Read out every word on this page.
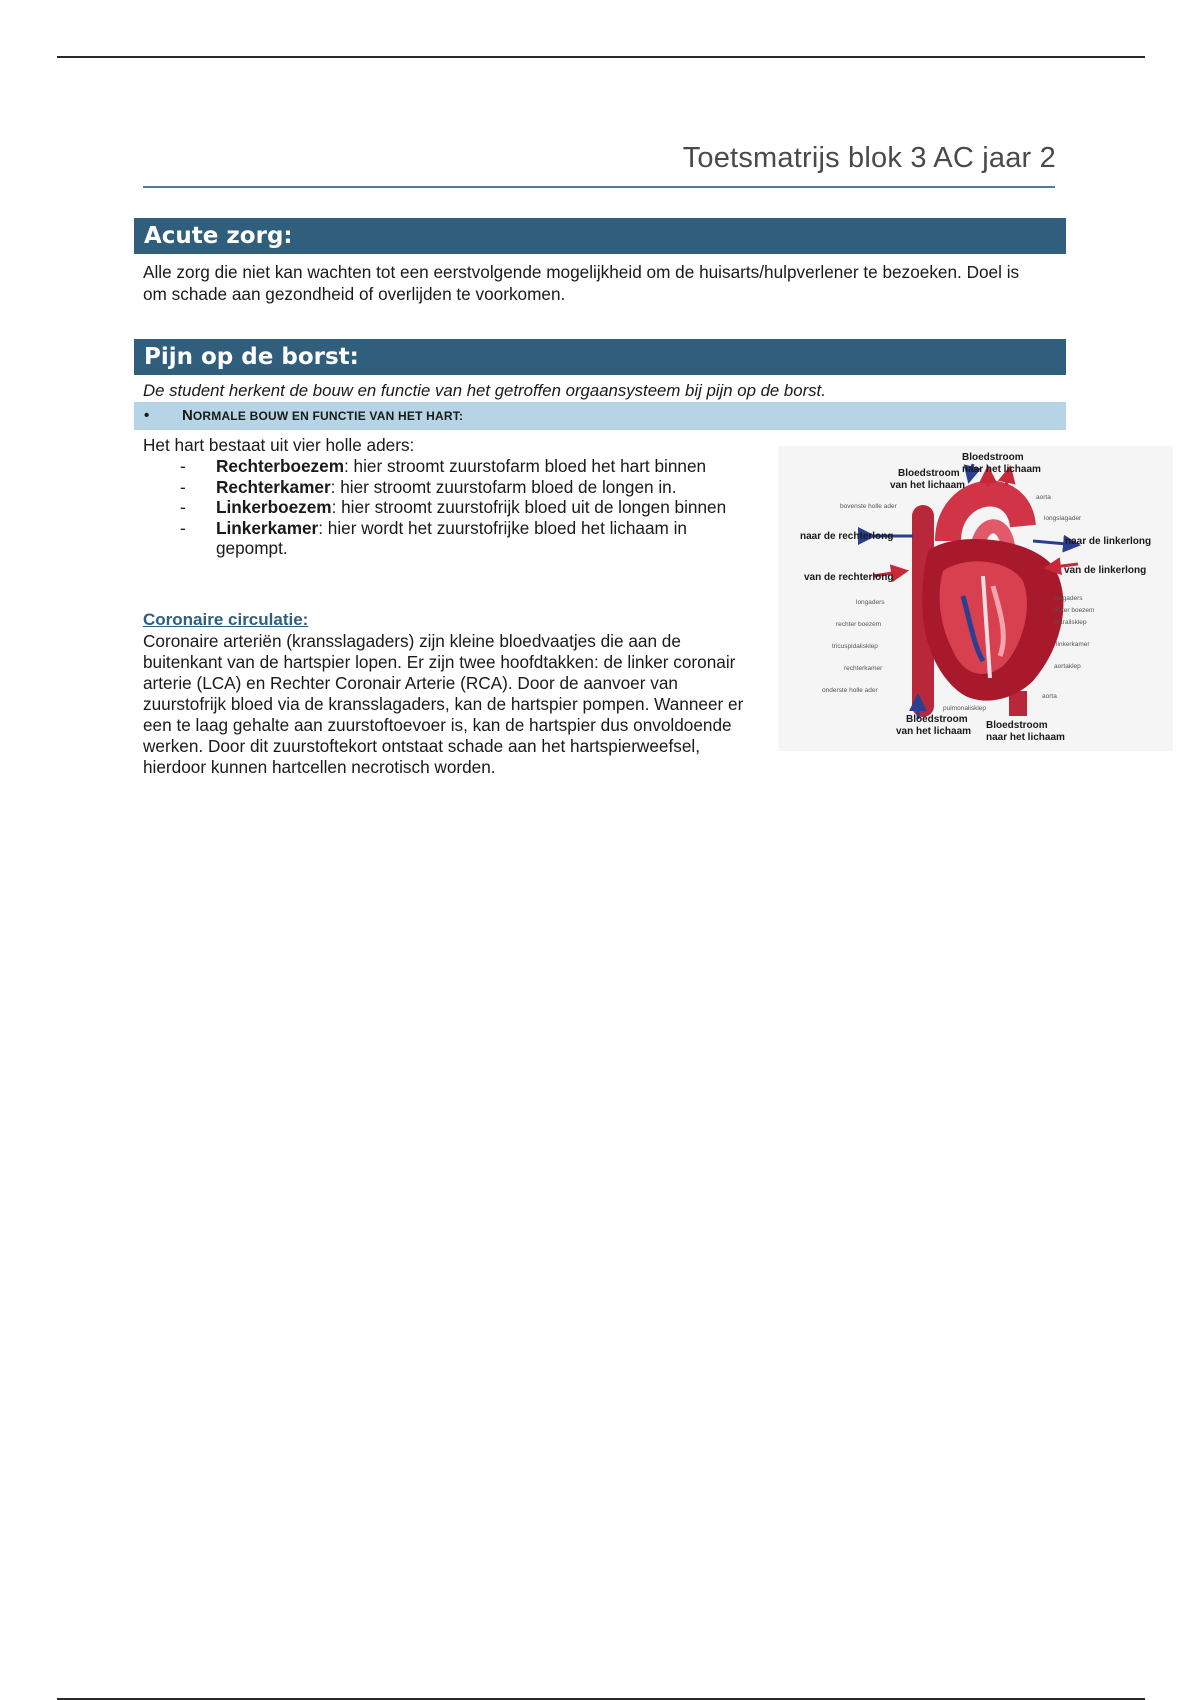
Toetsmatrijs blok 3 AC jaar 2
Acute zorg:
Alle zorg die niet kan wachten tot een eerstvolgende mogelijkheid om de huisarts/hulpverlener te bezoeken. Doel is om schade aan gezondheid of overlijden te voorkomen.
Pijn op de borst:
De student herkent de bouw en functie van het getroffen orgaansysteem bij pijn op de borst.
• NORMALE BOUW EN FUNCTIE VAN HET HART:
Het hart bestaat uit vier holle aders:
- Rechterboezem: hier stroomt zuurstofarm bloed het hart binnen
- Rechterkamer: hier stroomt zuurstofarm bloed de longen in.
- Linkerboezem: hier stroomt zuurstofrijk bloed uit de longen binnen
- Linkerkamer: hier wordt het zuurstofrijke bloed het lichaam in gepompt.
Coronaire circulatie:
Coronaire arteriën (kransslagaders) zijn kleine bloedvaatjes die aan de buitenkant van de hartspier lopen. Er zijn twee hoofdtakken: de linker coronair arterie (LCA) en Rechter Coronair Arterie (RCA). Door de aanvoer van zuurstofrijk bloed via de kransslagaders, kan de hartspier pompen. Wanneer er een te laag gehalte aan zuurstoftoevoer is, kan de hartspier dus onvoldoende werken. Door dit zuurstoftekort ontstaat schade aan het hartspierweefsel, hierdoor kunnen hartcellen necrotisch worden.
Bloedstroom
naar het lichaam
Bloedstroom
van het lichaam
bovenste holle ader
aorta
longslagader
naar de rechterlong	naar de linkerlong
van de rechterlong
van de linkerlong
longaders
rechter boezem
tricuspidalisklep
rechterkamer
onderste holle ader
longaders
linker boezem
mitralisklep
linkerkamer
aortaklep
aorta
pulmonalisklep
Bloedstroom
van het lichaam
Bloedstroom
naar het lichaam
